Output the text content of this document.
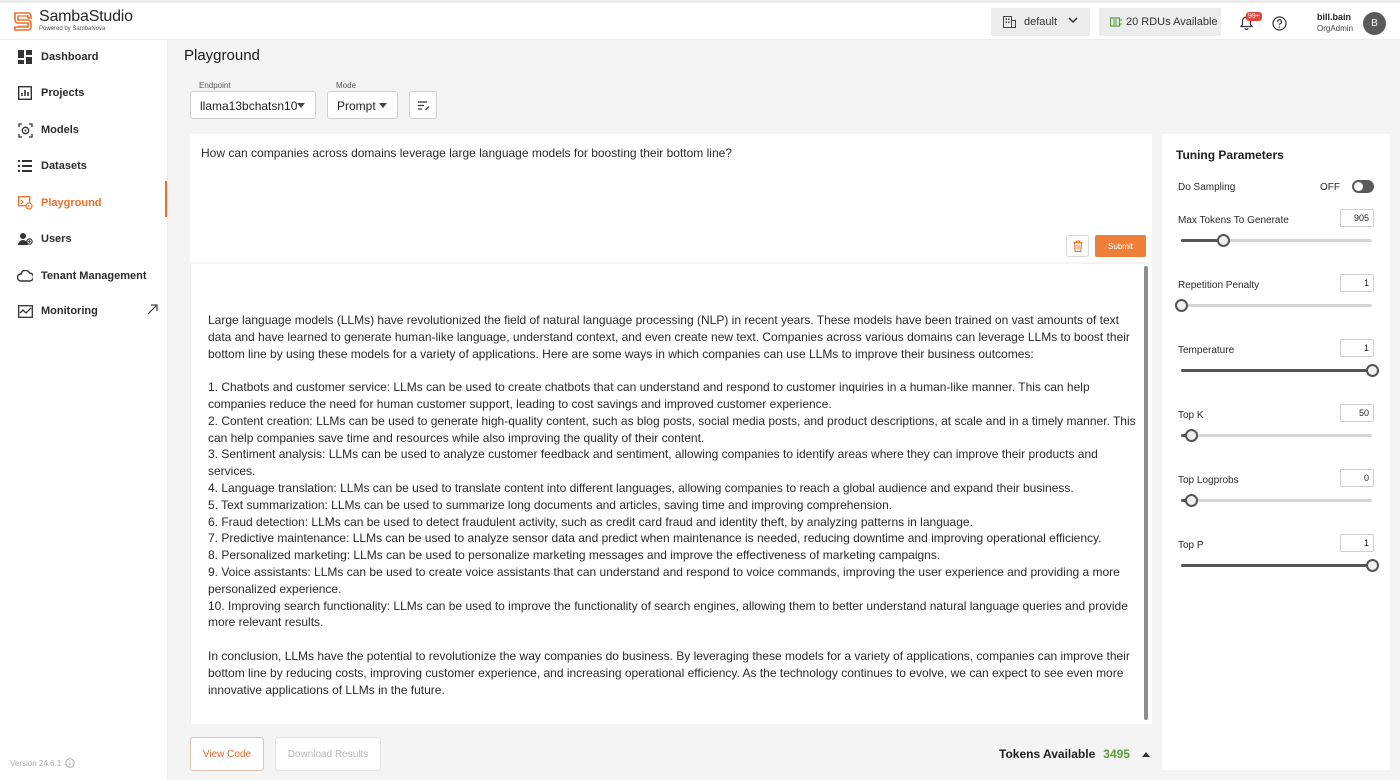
SambaStudio
Powered by SambaNova
default	20 RDUs Available	99+	bill.bain
OrgAdmin	B
Dashboard
Projects
Models
Datasets
Playground
Users
Tenant Management
Monitoring
Version 24.6.1
Playground
Endpoint
llama13bchatsn10
Mode
Prompt
How can companies across domains leverage large language models for boosting their bottom line?
Submit
Large language models (LLMs) have revolutionized the field of natural language processing (NLP) in recent years. These models have been trained on vast amounts of text data and have learned to generate human-like language, understand context, and even create new text. Companies across various domains can leverage LLMs to boost their bottom line by using these models for a variety of applications. Here are some ways in which companies can use LLMs to improve their business outcomes:

1. Chatbots and customer service: LLMs can be used to create chatbots that can understand and respond to customer inquiries in a human-like manner. This can help companies reduce the need for human customer support, leading to cost savings and improved customer experience.
2. Content creation: LLMs can be used to generate high-quality content, such as blog posts, social media posts, and product descriptions, at scale and in a timely manner. This can help companies save time and resources while also improving the quality of their content.
3. Sentiment analysis: LLMs can be used to analyze customer feedback and sentiment, allowing companies to identify areas where they can improve their products and services.
4. Language translation: LLMs can be used to translate content into different languages, allowing companies to reach a global audience and expand their business.
5. Text summarization: LLMs can be used to summarize long documents and articles, saving time and improving comprehension.
6. Fraud detection: LLMs can be used to detect fraudulent activity, such as credit card fraud and identity theft, by analyzing patterns in language.
7. Predictive maintenance: LLMs can be used to analyze sensor data and predict when maintenance is needed, reducing downtime and improving operational efficiency.
8. Personalized marketing: LLMs can be used to personalize marketing messages and improve the effectiveness of marketing campaigns.
9. Voice assistants: LLMs can be used to create voice assistants that can understand and respond to voice commands, improving the user experience and providing a more personalized experience.
10. Improving search functionality: LLMs can be used to improve the functionality of search engines, allowing them to better understand natural language queries and provide more relevant results.

In conclusion, LLMs have the potential to revolutionize the way companies do business. By leveraging these models for a variety of applications, companies can improve their bottom line by reducing costs, improving customer experience, and increasing operational efficiency. As the technology continues to evolve, we can expect to see even more innovative applications of LLMs in the future.
View Code	Download Results	Tokens Available 3495
Tuning Parameters
Do Sampling	OFF
Max Tokens To Generate	905
Repetition Penalty	1
Temperature	1
Top K	50
Top Logprobs	0
Top P	1
